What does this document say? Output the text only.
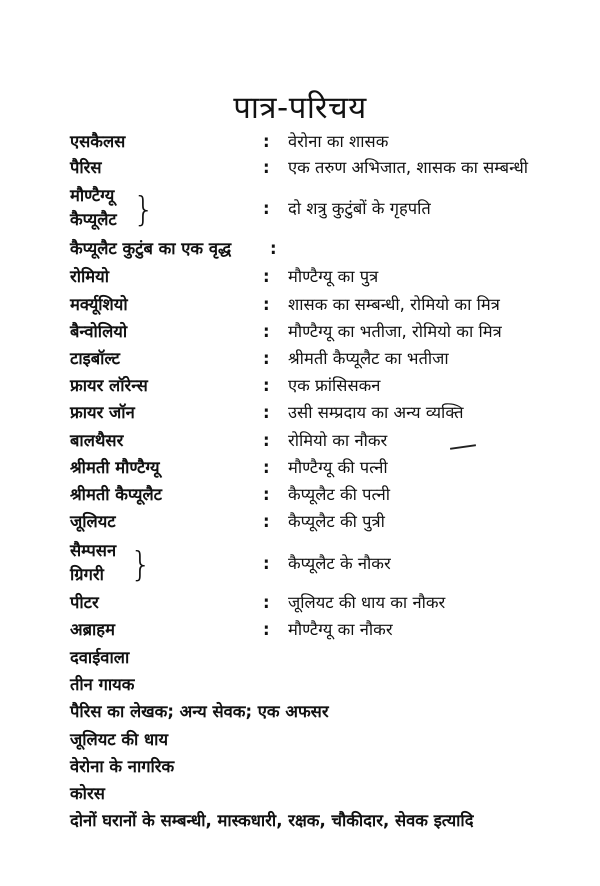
पात्र-परिचय
एसकैलस	: वेरोना का शासक
पैरिस	: एक तरुण अभिजात, शासक का सम्बन्धी
मौण्टैग्यू
कैप्यूलैट }	: दो शत्रु कुटुंबों के गृहपति
कैप्यूलैट कुटुंब का एक वृद्ध :
रोमियो	: मौण्टैग्यू का पुत्र
मर्क्यूशियो	: शासक का सम्बन्धी, रोमियो का मित्र
बैन्वोलियो	: मौण्टैग्यू का भतीजा, रोमियो का मित्र
टाइबॉल्ट	: श्रीमती कैप्यूलैट का भतीजा
फ्रायर लॉरेन्स	: एक फ्रांसिसकन
फ्रायर जॉन	: उसी सम्प्रदाय का अन्य व्यक्ति
बालथैसर	: रोमियो का नौकर
श्रीमती मौण्टैग्यू	: मौण्टैग्यू की पत्नी
श्रीमती कैप्यूलैट	: कैप्यूलैट की पत्नी
जूलियट	: कैप्यूलैट की पुत्री
सैम्पसन
ग्रिगरी }	: कैप्यूलैट के नौकर
पीटर	: जूलियट की धाय का नौकर
अब्राहम	: मौण्टैग्यू का नौकर
दवाईवाला
तीन गायक
पैरिस का लेखक; अन्य सेवक; एक अफसर
जूलियट की धाय
वेरोना के नागरिक
कोरस
दोनों घरानों के सम्बन्धी, मास्कधारी, रक्षक, चौकीदार, सेवक इत्यादि
